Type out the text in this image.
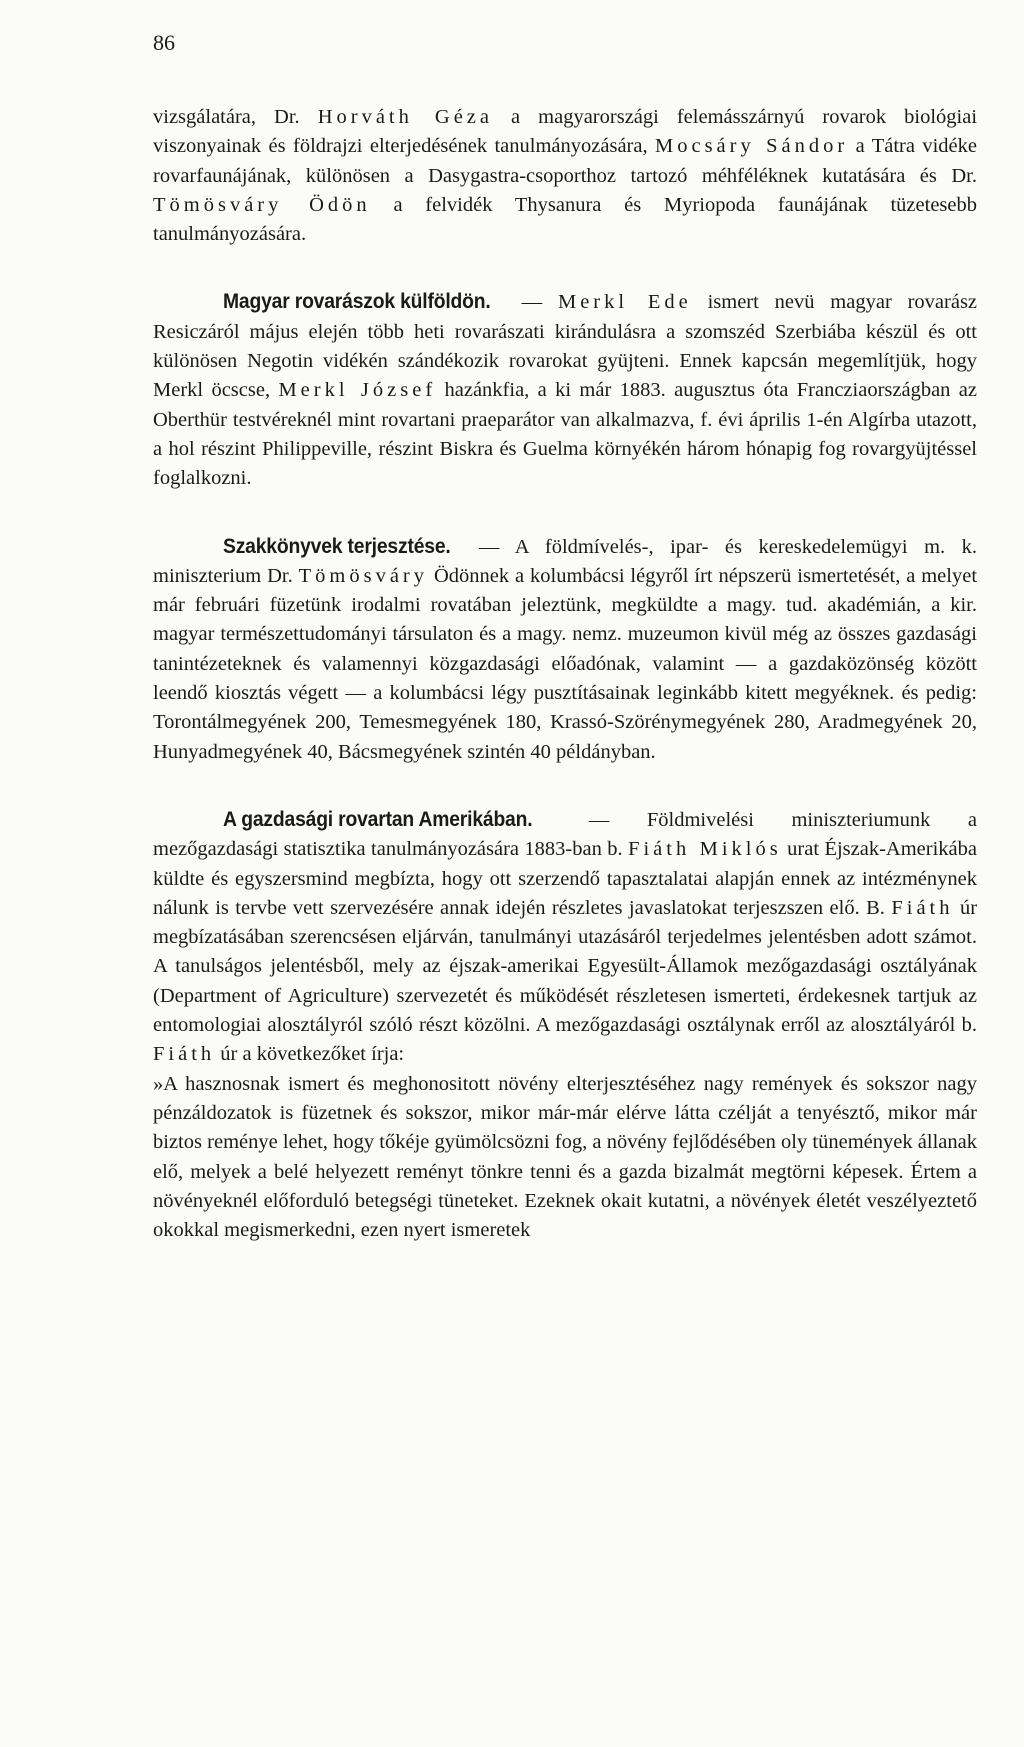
86

vizsgálatára, Dr. Horváth Géza a magyarországi felemásszárnyú rovarok biológiai viszonyainak és földrajzi elterjedésének tanulmányozására, Mocsáry Sándor a Tátra vidéke rovarfaunájának, különösen a Dasygastra-csoporthoz tartozó méhféléknek kutatására és Dr. Tömösváry Ödön a felvidék Thysanura és Myriopoda faunájának tüzetesebb tanulmányozására.

Magyar rovarászok külföldön. — Merkl Ede ismert nevü magyar rovarász Resiczáról május elején több heti rovarászati kirándulásra a szomszéd Szerbiába készül és ott különösen Negotin vidékén szándékozik rovarokat gyüjteni. Ennek kapcsán megemlítjük, hogy Merkl öcscse, Merkl József hazánkfia, a ki már 1883. augusztus óta Francziaországban az Oberthür testvéreknél mint rovartani praeparátor van alkalmazva, f. évi április 1-én Algírba utazott, a hol részint Philippeville, részint Biskra és Guelma környékén három hónapig fog rovargyüjtéssel foglalkozni.

Szakkönyvek terjesztése. — A földmívelés-, ipar- és kereskedelemügyi m. k. miniszterium Dr. Tömösváry Ödönnek a kolumbácsi légyről írt népszerü ismertetését, a melyet már februári füzetünk irodalmi rovatában jeleztünk, megküldte a magy. tud. akadémián, a kir. magyar természettudományi társulaton és a magy. nemz. muzeumon kivül még az összes gazdasági tanintézeteknek és valamennyi közgazdasági előadónak, valamint — a gazdaközönség között leendő kiosztás végett — a kolumbácsi légy pusztításainak leginkább kitett megyéknek. és pedig: Torontálmegyének 200, Temesmegyének 180, Krassó-Szörénymegyének 280, Aradmegyének 20, Hunyadmegyének 40, Bácsmegyének szintén 40 példányban.

A gazdasági rovartan Amerikában.	— Földmivelési miniszteriumunk a mezőgazdasági statisztika tanulmányozására 1883-ban b. Fiáth Miklós urat Éjszak-Amerikába küldte és egyszersmind megbízta, hogy ott szerzendő tapasztalatai alapján ennek az intézménynek nálunk is tervbe vett szervezésére annak idején részletes javaslatokat terjeszszen elő. B. Fiáth úr megbízatásában szerencsésen eljárván, tanulmányi utazásáról terjedelmes jelentésben adott számot. A tanulságos jelentésből, mely az éjszak-amerikai Egyesült-Államok mezőgazdasági osztályának (Department of Agriculture) szervezetét és működését részletesen ismerteti, érdekesnek tartjuk az entomologiai alosztályról szóló részt közölni. A mezőgazdasági osztálynak erről az alosztályáról b. Fiáth úr a következőket írja:

»A hasznosnak ismert és meghonositott növény elterjesztéséhez nagy remények és sokszor nagy pénzáldozatok is füzetnek és sokszor, mikor már-már elérve látta czélját a tenyésztő, mikor már biztos reménye lehet, hogy tőkéje gyümölcsözni fog, a növény fejlődésében oly tünemények állanak elő, melyek a belé helyezett reményt tönkre tenni és a gazda bizalmát megtörni képesek. Értem a növényeknél előforduló betegségi tüneteket. Ezeknek okait kutatni, a növények életét veszélyeztető okokkal megismerkedni, ezen nyert ismeretek
